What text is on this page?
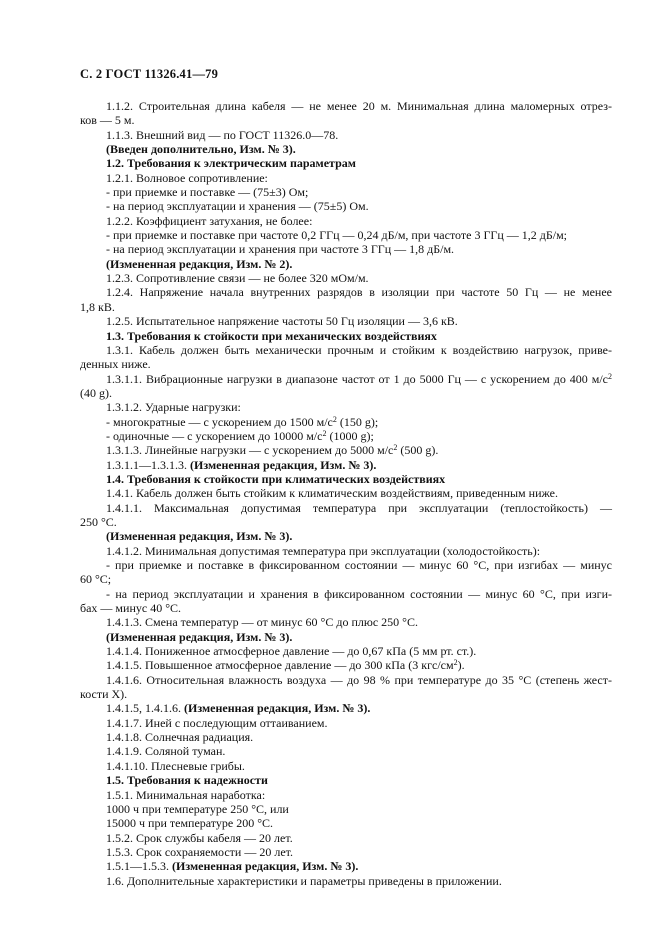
С. 2 ГОСТ 11326.41—79

1.1.2. Строительная длина кабеля — не менее 20 м. Минимальная длина маломерных отрез-

ков — 5 м.

1.1.3. Внешний вид — по ГОСТ 11326.0—78.

(Введен дополнительно, Изм. № 3).

1.2. Требования к электрическим параметрам

1.2.1. Волновое сопротивление:

- при приемке и поставке — (75±3) Ом;

- на период эксплуатации и хранения — (75±5) Ом.

1.2.2. Коэффициент затухания, не более:

- при приемке и поставке при частоте 0,2 ГГц — 0,24 дБ/м, при частоте 3 ГГц — 1,2 дБ/м;

- на период эксплуатации и хранения при частоте 3 ГГц — 1,8 дБ/м.

(Измененная редакция, Изм. № 2).

1.2.3. Сопротивление связи — не более 320 мОм/м.

1.2.4. Напряжение начала внутренних разрядов в изоляции при частоте 50 Гц — не менее

1,8 кВ.

1.2.5. Испытательное напряжение частоты 50 Гц изоляции — 3,6 кВ.

1.3. Требования к стойкости при механических воздействиях

1.3.1. Кабель должен быть механически прочным и стойким к воздействию нагрузок, приве-

денных ниже.

1.3.1.1. Вибрационные нагрузки в диапазоне частот от 1 до 5000 Гц — с ускорением до 400 $м/с^2$

(40 g).

1.3.1.2. Ударные нагрузки:

- многократные — с ускорением до 1500 $м/с^2$ (150 g);

- одиночные — с ускорением до 10000 $м/с^2$ (1000 g);

1.3.1.3. Линейные нагрузки — с ускорением до 5000 $м/с^2$ (500 g).

1.3.1.1—1.3.1.3. (Измененная редакция, Изм. № 3).

1.4. Требования к стойкости при климатических воздействиях

1.4.1. Кабель должен быть стойким к климатическим воздействиям, приведенным ниже.

1.4.1.1. Максимальная допустимая температура при эксплуатации (теплостойкость) —

250 °С.

(Измененная редакция, Изм. № 3).

1.4.1.2. Минимальная допустимая температура при эксплуатации (холодостойкость):

- при приемке и поставке в фиксированном состоянии — минус 60 °С, при изгибах — минус

60 °С;

- на период эксплуатации и хранения в фиксированном состоянии — минус 60 °С, при изги-

бах — минус 40 °С.

1.4.1.3. Смена температур — от минус 60 °С до плюс 250 °С.

(Измененная редакция, Изм. № 3).

1.4.1.4. Пониженное атмосферное давление — до 0,67 кПа (5 мм рт. ст.).

1.4.1.5. Повышенное атмосферное давление — до 300 кПа (3 кгс/$см^2$).

1.4.1.6. Относительная влажность воздуха — до 98 % при температуре до 35 °С (степень жест-

кости X).

1.4.1.5, 1.4.1.6. (Измененная редакция, Изм. № 3).

1.4.1.7. Иней с последующим оттаиванием.

1.4.1.8. Солнечная радиация.

1.4.1.9. Соляной туман.

1.4.1.10. Плесневые грибы.

1.5. Требования к надежности

1.5.1. Минимальная наработка:

1000 ч при температуре 250 °С, или

15000 ч при температуре 200 °С.

1.5.2. Срок службы кабеля — 20 лет.

1.5.3. Срок сохраняемости — 20 лет.

1.5.1—1.5.3. (Измененная редакция, Изм. № 3).

1.6. Дополнительные характеристики и параметры приведены в приложении.
